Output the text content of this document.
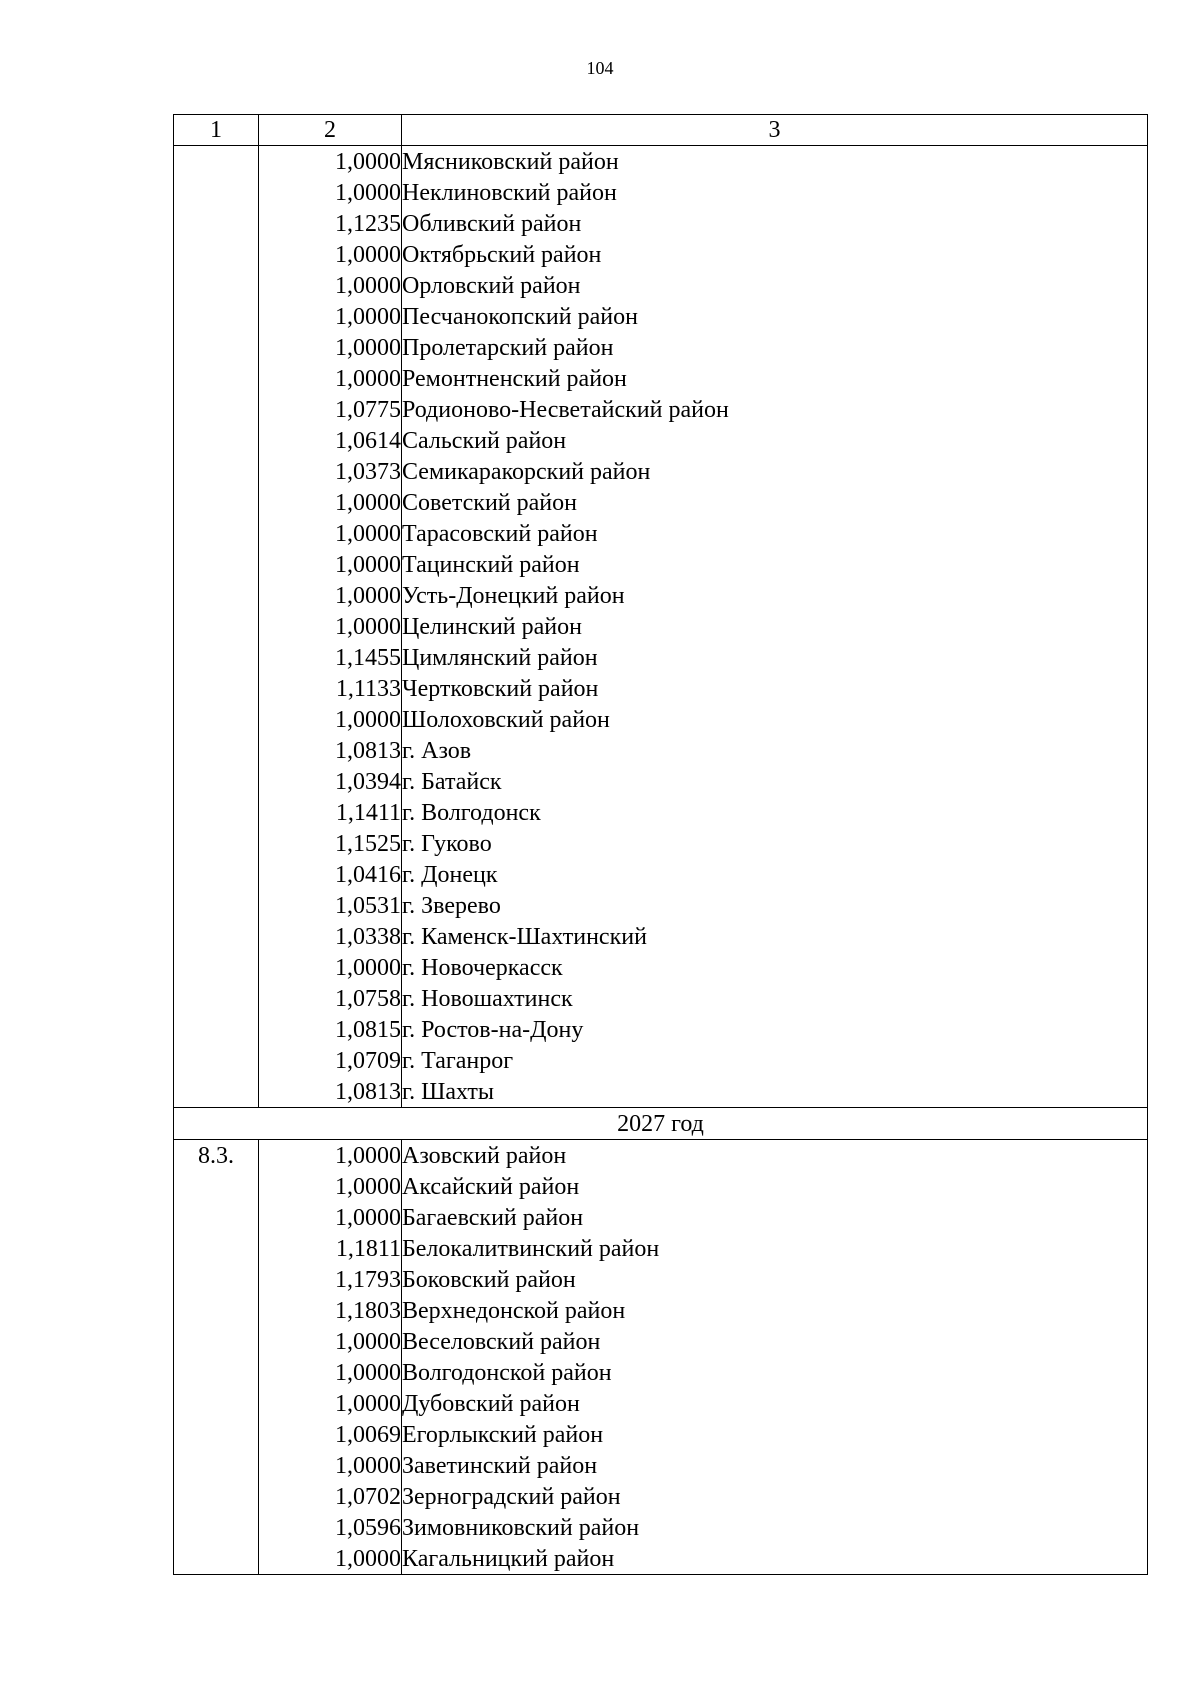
104
1	2	3
	1,0000	Мясниковский район
	1,0000	Неклиновский район
	1,1235	Обливский район
	1,0000	Октябрьский район
	1,0000	Орловский район
	1,0000	Песчанокопский район
	1,0000	Пролетарский район
	1,0000	Ремонтненский район
	1,0775	Родионово-Несветайский район
	1,0614	Сальский район
	1,0373	Семикаракорский район
	1,0000	Советский район
	1,0000	Тарасовский район
	1,0000	Тацинский район
	1,0000	Усть-Донецкий район
	1,0000	Целинский район
	1,1455	Цимлянский район
	1,1133	Чертковский район
	1,0000	Шолоховский район
	1,0813	г. Азов
	1,0394	г. Батайск
	1,1411	г. Волгодонск
	1,1525	г. Гуково
	1,0416	г. Донецк
	1,0531	г. Зверево
	1,0338	г. Каменск-Шахтинский
	1,0000	г. Новочеркасск
	1,0758	г. Новошахтинск
	1,0815	г. Ростов-на-Дону
	1,0709	г. Таганрог
	1,0813	г. Шахты
2027 год		
8.3.	1,0000	Азовский район
	1,0000	Аксайский район
	1,0000	Багаевский район
	1,1811	Белокалитвинский район
	1,1793	Боковский район
	1,1803	Верхнедонской район
	1,0000	Веселовский район
	1,0000	Волгодонской район
	1,0000	Дубовский район
	1,0069	Егорлыкский район
	1,0000	Заветинский район
	1,0702	Зерноградский район
	1,0596	Зимовниковский район
	1,0000	Кагальницкий район
